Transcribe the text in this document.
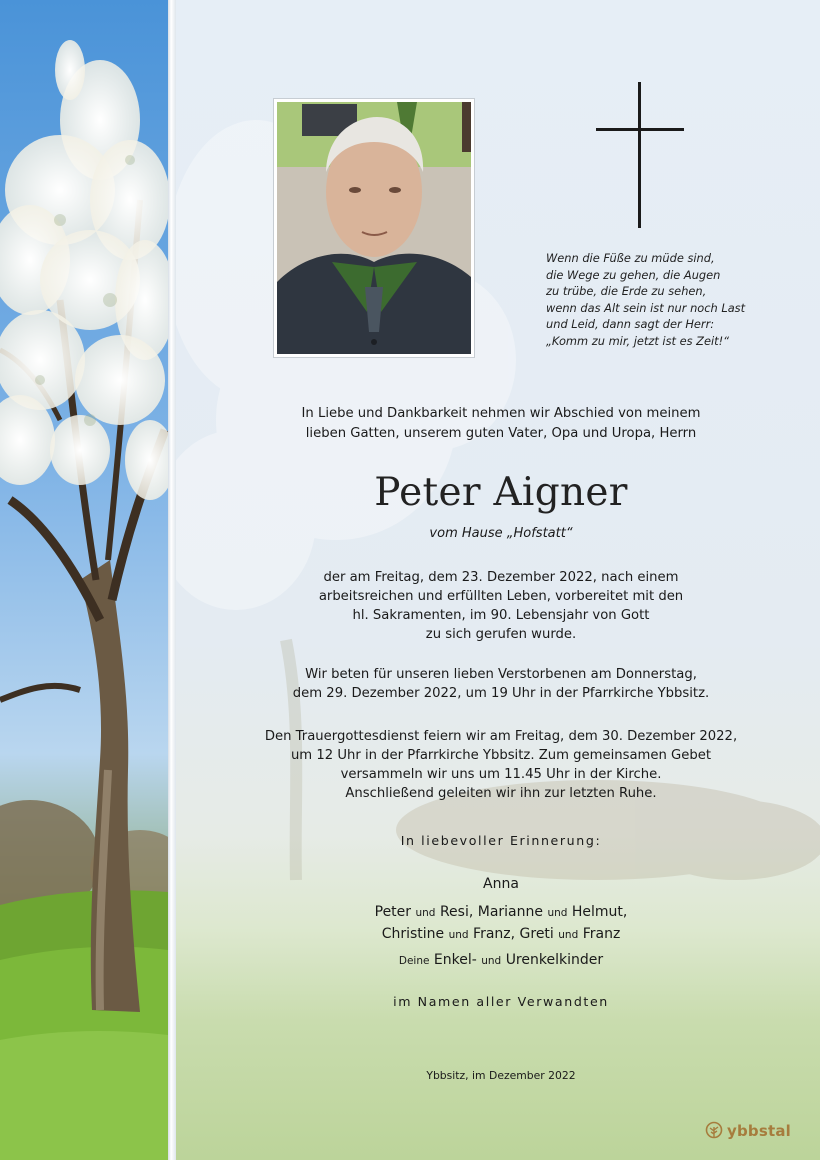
Wenn die Füße zu müde sind,
die Wege zu gehen, die Augen
zu trübe, die Erde zu sehen,
wenn das Alt sein ist nur noch Last
und Leid, dann sagt der Herr:
„Komm zu mir, jetzt ist es Zeit!“
In Liebe und Dankbarkeit nehmen wir Abschied von meinem
lieben Gatten, unserem guten Vater, Opa und Uropa, Herrn
Peter Aigner
vom Hause „Hofstatt“
der am Freitag, dem 23. Dezember 2022, nach einem
arbeitsreichen und erfüllten Leben, vorbereitet mit den
hl. Sakramenten, im 90. Lebensjahr von Gott
zu sich gerufen wurde.
Wir beten für unseren lieben Verstorbenen am Donnerstag,
dem 29. Dezember 2022, um 19 Uhr in der Pfarrkirche Ybbsitz.
Den Trauergottesdienst feiern wir am Freitag, dem 30. Dezember 2022,
um 12 Uhr in der Pfarrkirche Ybbsitz. Zum gemeinsamen Gebet
versammeln wir uns um 11.45 Uhr in der Kirche.
Anschließend geleiten wir ihn zur letzten Ruhe.
In liebevoller Erinnerung:
Anna
Peter und Resi, Marianne und Helmut,
Christine und Franz, Greti und Franz
Deine Enkel- und Urenkelkinder
im Namen aller Verwandten
Ybbsitz, im Dezember 2022
ybbstal
